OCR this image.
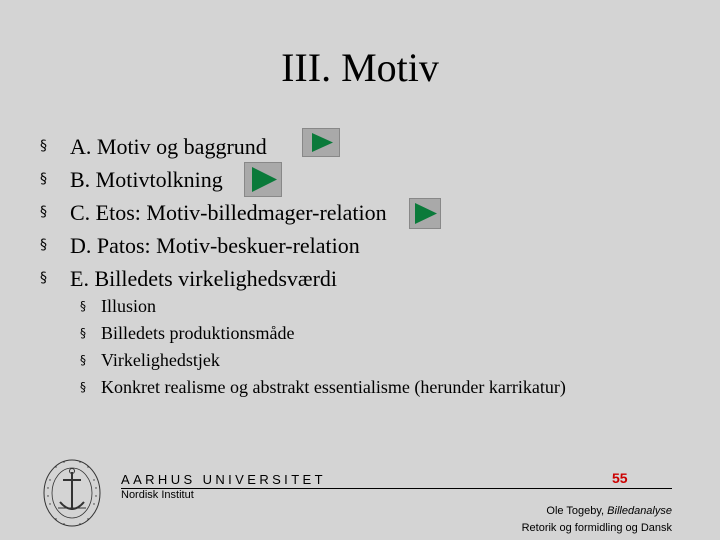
III. Motiv
§ A. Motiv og baggrund
§ B. Motivtolkning
§ C. Etos: Motiv-billedmager-relation
§ D. Patos: Motiv-beskuer-relation
§ E. Billedets virkelighedsværdi
§ Illusion
§ Billedets produktionsmåde
§ Virkelighedstjek
§ Konkret realisme og abstrakt essentialisme (herunder karrikatur)
AARHUS UNIVERSITET
Nordisk Institut
55
Ole Togeby, Billedanalyse
Retorik og formidling og Dansk
